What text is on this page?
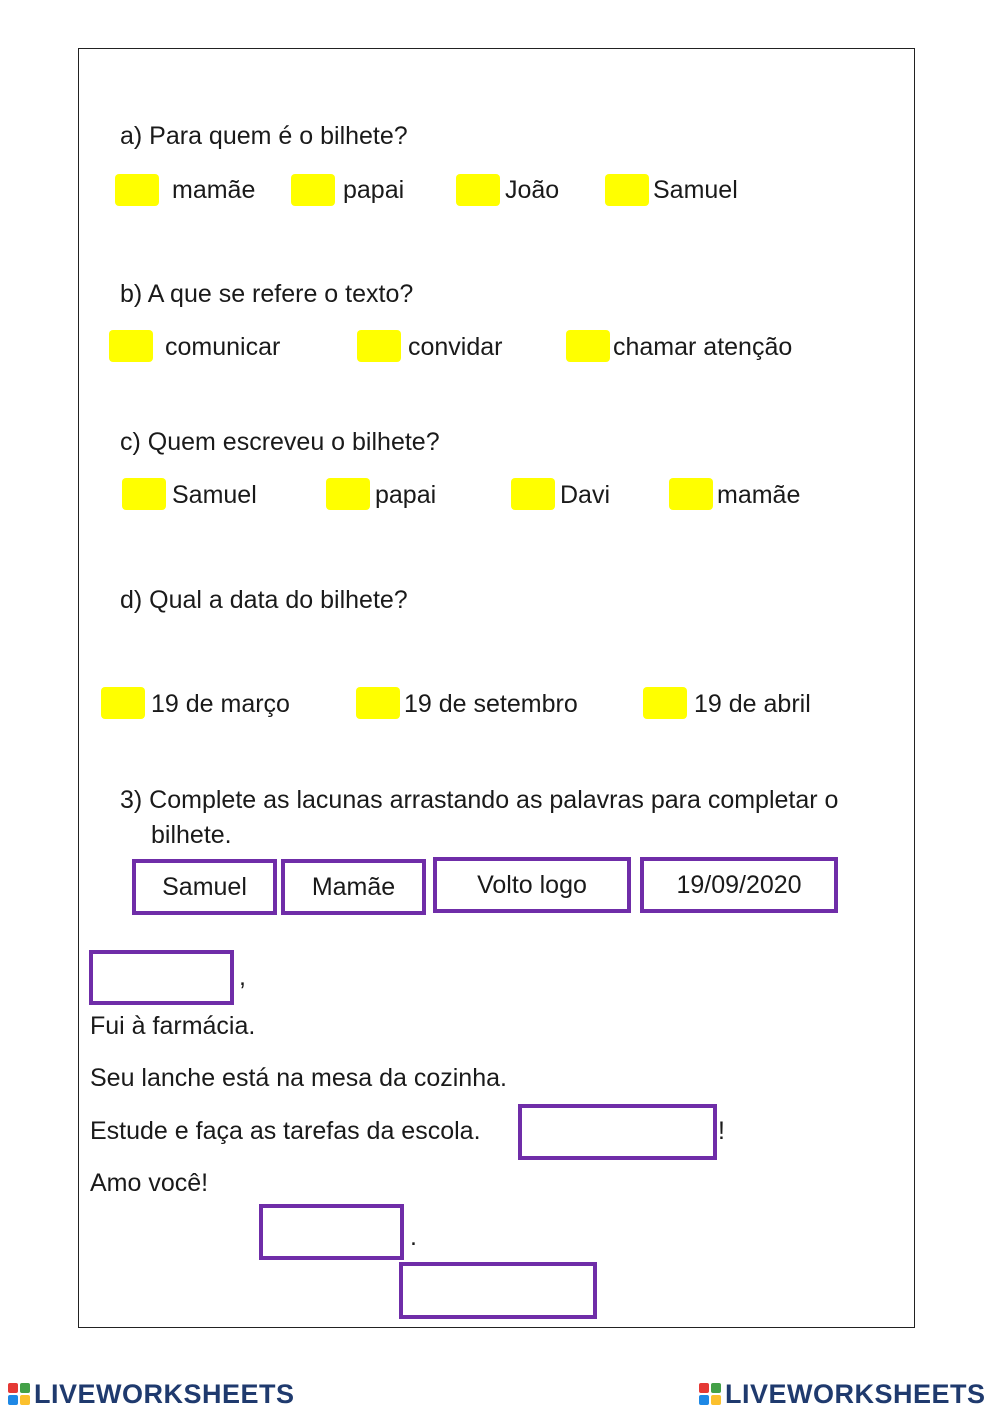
a) Para quem é o bilhete?
mamãe	papai	João	Samuel
b) A que se refere o texto?
comunicar	convidar	chamar atenção
c) Quem escreveu o bilhete?
Samuel	papai	Davi	mamãe
d) Qual a data do bilhete?
19 de março	19 de setembro	19 de abril
3) Complete as lacunas arrastando as palavras para completar o
bilhete.
Samuel	Mamãe	Volto logo	19/09/2020
,
Fui à farmácia.
Seu lanche está na mesa da cozinha.
Estude e faça as tarefas da escola.	!
Amo você!
.
LIVEWORKSHEETS	LIVEWORKSHEETS
